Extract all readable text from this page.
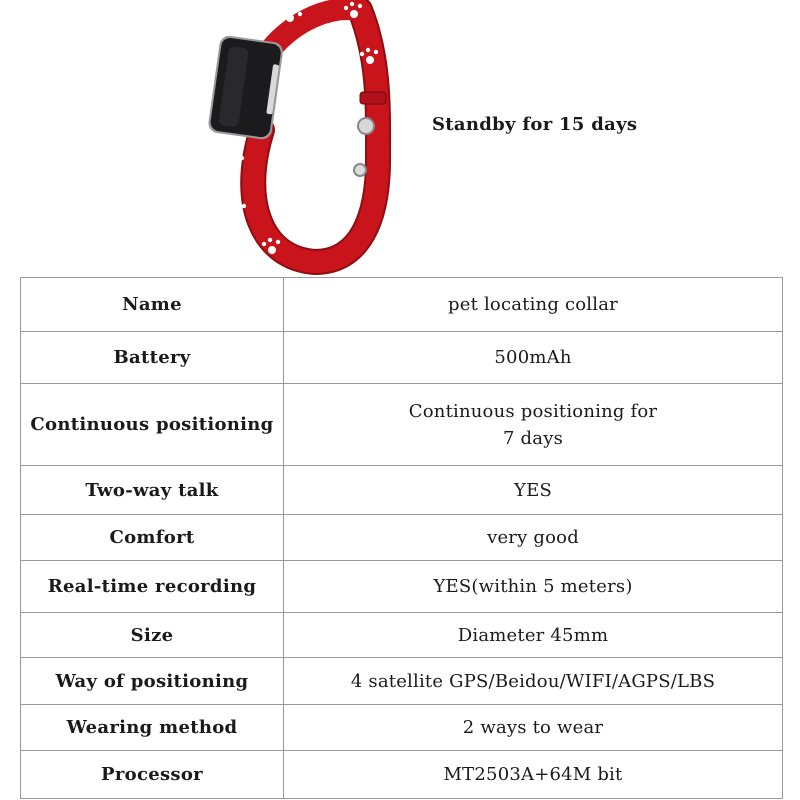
Standby for 15 days
Name	pet locating collar
Battery	500mAh
Continuous positioning	Continuous positioning for
7 days

Two-way talk	YES
Comfort	very good
Real-time recording	YES(within 5 meters)
Size	Diameter 45mm
Way of positioning	4 satellite GPS/Beidou/WIFI/AGPS/LBS
Wearing method	2 ways to wear
Processor	MT2503A+64M bit
